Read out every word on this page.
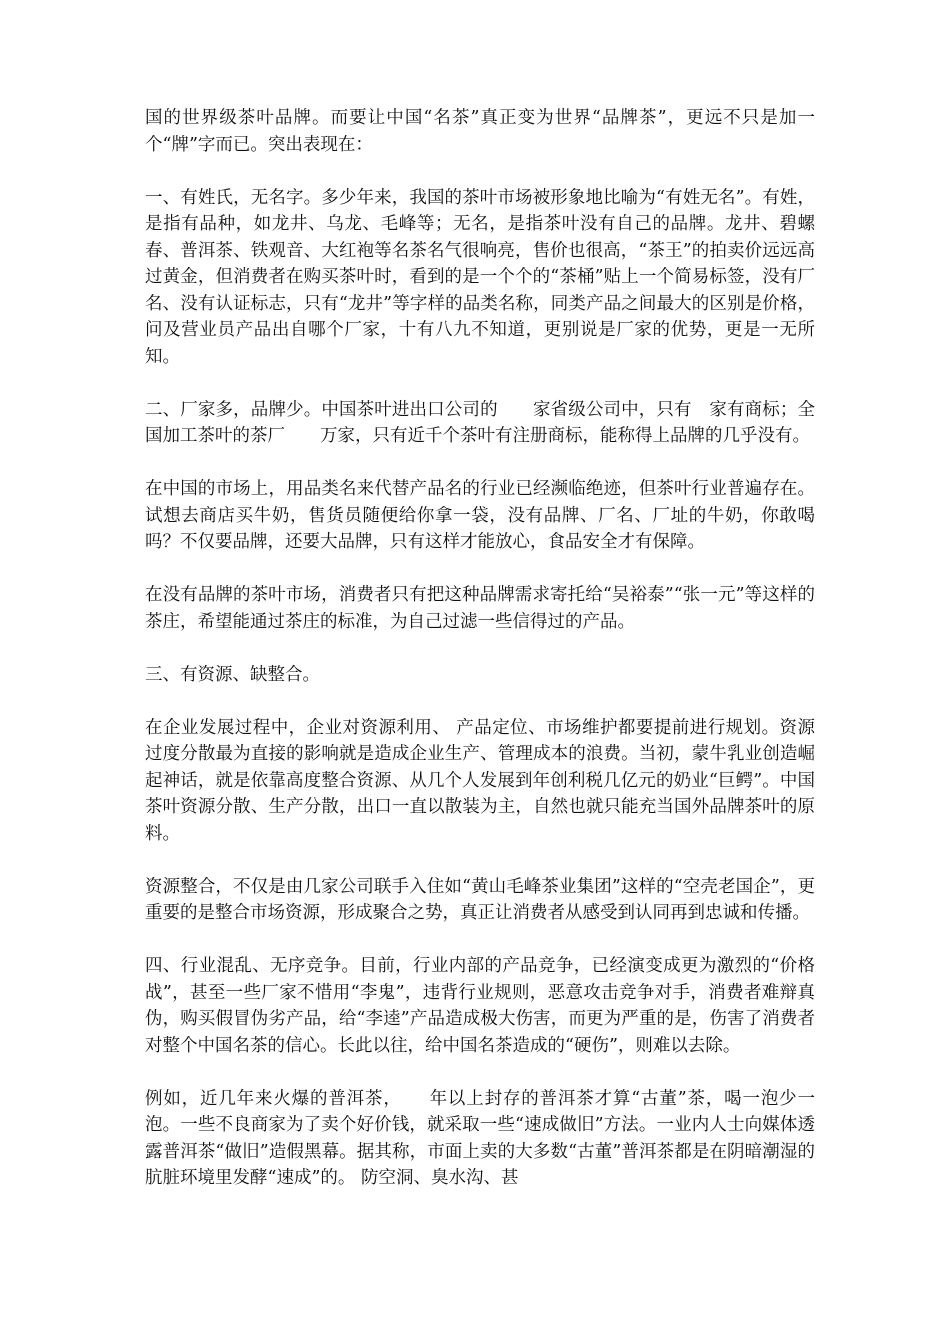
国的世界级茶叶品牌。而要让中国“名茶”真正变为世界“品牌茶”，更远不只是加一个“牌”字而已。突出表现在：

一、有姓氏，无名字。多少年来，我国的茶叶市场被形象地比喻为“有姓无名”。有姓，是指有品种，如龙井、乌龙、毛峰等；无名，是指茶叶没有自己的品牌。龙井、碧螺春、普洱茶、铁观音、大红袍等名茶名气很响亮，售价也很高，“茶王”的拍卖价远远高过黄金，但消费者在购买茶叶时，看到的是一个个的“茶桶”贴上一个简易标签，没有厂名、没有认证标志，只有“龙井”等字样的品类名称，同类产品之间最大的区别是价格，问及营业员产品出自哪个厂家，十有八九不知道，更别说是厂家的优势，更是一无所知。

二、厂家多，品牌少。中国茶叶进出口公司的　　家省级公司中，只有　家有商标；全国加工茶叶的茶厂　　万家，只有近千个茶叶有注册商标，能称得上品牌的几乎没有。

在中国的市场上，用品类名来代替产品名的行业已经濒临绝迹，但茶叶行业普遍存在。试想去商店买牛奶，售货员随便给你拿一袋，没有品牌、厂名、厂址的牛奶，你敢喝吗？不仅要品牌，还要大品牌，只有这样才能放心，食品安全才有保障。

在没有品牌的茶叶市场，消费者只有把这种品牌需求寄托给“吴裕泰”“张一元”等这样的茶庄，希望能通过茶庄的标准，为自己过滤一些信得过的产品。

三、有资源、缺整合。

在企业发展过程中，企业对资源利用、 产品定位、市场维护都要提前进行规划。资源过度分散最为直接的影响就是造成企业生产、管理成本的浪费。当初，蒙牛乳业创造崛起神话，就是依靠高度整合资源、从几个人发展到年创利税几亿元的奶业“巨鳄”。中国茶叶资源分散、生产分散，出口一直以散装为主，自然也就只能充当国外品牌茶叶的原料。

资源整合，不仅是由几家公司联手入住如“黄山毛峰茶业集团”这样的“空壳老国企”，更重要的是整合市场资源，形成聚合之势，真正让消费者从感受到认同再到忠诚和传播。

四、行业混乱、无序竞争。目前，行业内部的产品竞争，已经演变成更为激烈的“价格战”，甚至一些厂家不惜用“李鬼”，违背行业规则，恶意攻击竞争对手，消费者难辩真伪，购买假冒伪劣产品，给“李逵”产品造成极大伤害，而更为严重的是，伤害了消费者对整个中国名茶的信心。长此以往，给中国名茶造成的“硬伤”，则难以去除。

例如，近几年来火爆的普洱茶，　　年以上封存的普洱茶才算“古董”茶，喝一泡少一泡。一些不良商家为了卖个好价钱，就采取一些“速成做旧”方法。一业内人士向媒体透露普洱茶“做旧”造假黑幕。据其称，市面上卖的大多数“古董”普洱茶都是在阴暗潮湿的肮脏环境里发酵“速成”的。 防空洞、臭水沟、甚
